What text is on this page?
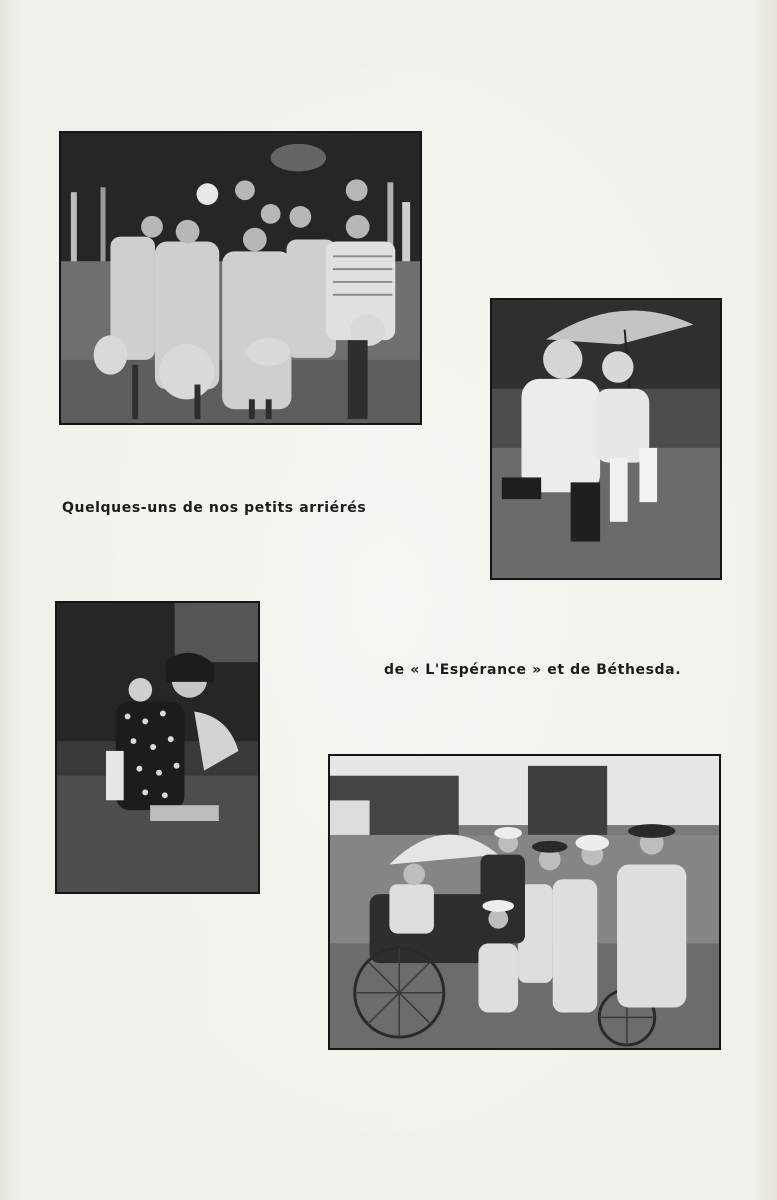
Quelques-uns de nos petits arriérés
de « L'Espérance » et de Béthesda.
